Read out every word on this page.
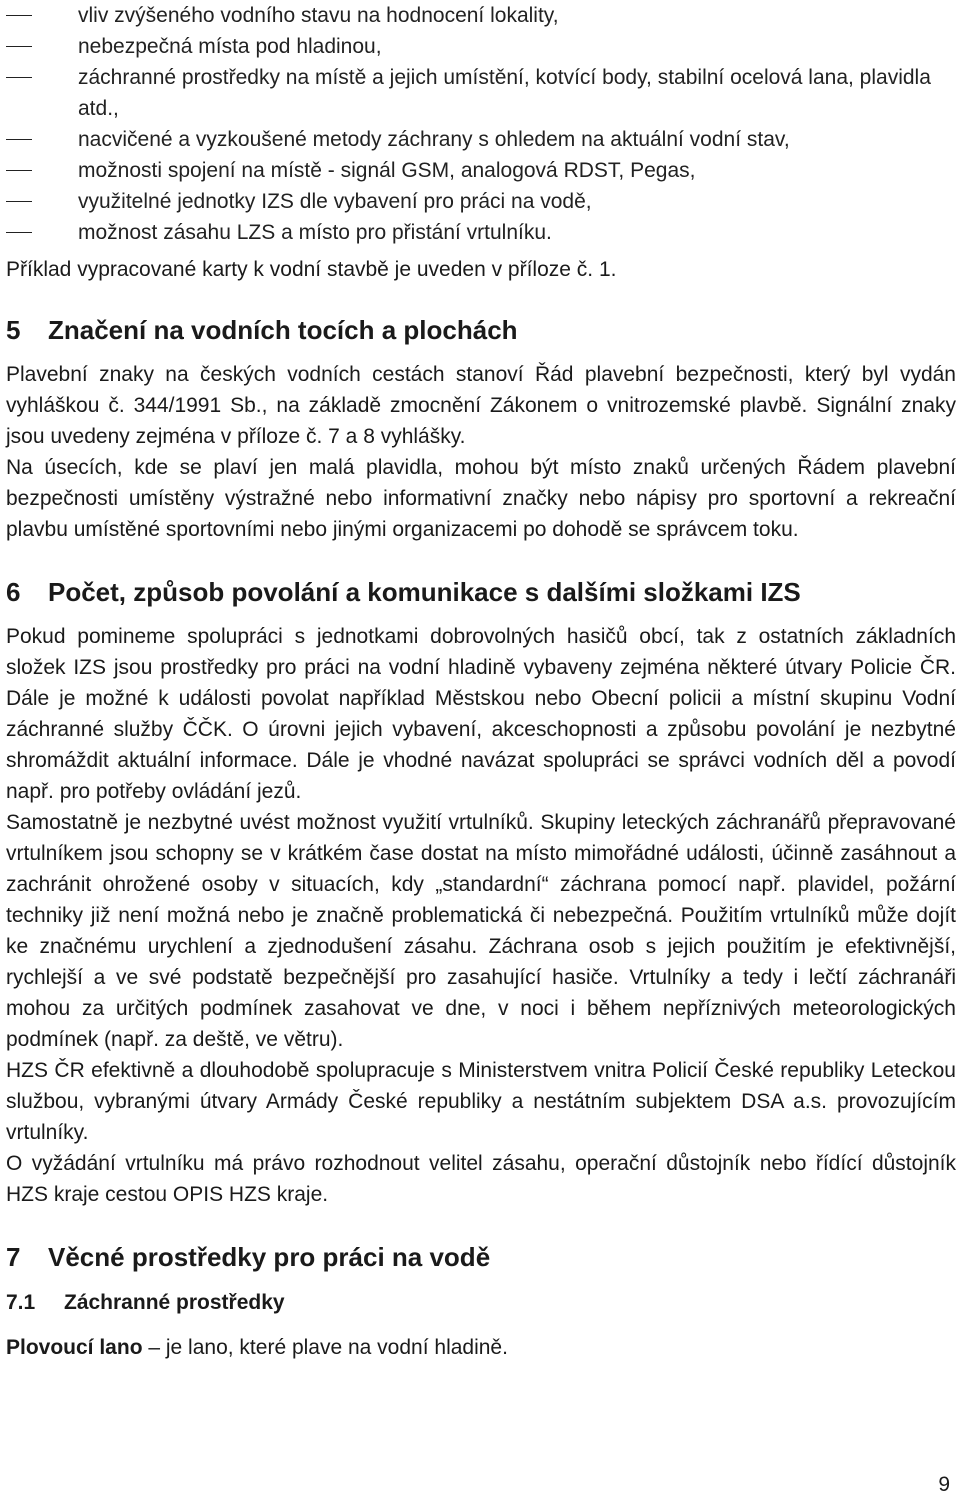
vliv zvýšeného vodního stavu na hodnocení lokality,
nebezpečná místa pod hladinou,
záchranné prostředky na místě a jejich umístění, kotvící body, stabilní ocelová lana, plavidla atd.,
nacvičené a vyzkoušené metody záchrany s ohledem na aktuální vodní stav,
možnosti spojení na místě - signál GSM, analogová RDST, Pegas,
využitelné jednotky IZS dle vybavení pro práci na vodě,
možnost zásahu LZS a místo pro přistání vrtulníku.

Příklad vypracované karty k vodní stavbě je uveden v příloze č. 1.

5	Značení na vodních tocích a plochách

Plavební znaky na českých vodních cestách stanoví Řád plavební bezpečnosti, který byl vydán vyhláškou č. 344/1991 Sb., na základě zmocnění Zákonem o vnitrozemské plavbě. Signální znaky jsou uvedeny zejména v příloze č. 7 a 8 vyhlášky.

Na úsecích, kde se plaví jen malá plavidla, mohou být místo znaků určených Řádem plavební bezpečnosti umístěny výstražné nebo informativní značky nebo nápisy pro sportovní a rekreační plavbu umístěné sportovními nebo jinými organizacemi po dohodě se správcem toku.

6	Počet, způsob povolání a komunikace s dalšími složkami IZS

Pokud pomineme spolupráci s jednotkami dobrovolných hasičů obcí, tak z ostatních základních složek IZS jsou prostředky pro práci na vodní hladině vybaveny zejména některé útvary Policie ČR. Dále je možné k události povolat například Městskou nebo Obecní policii a místní skupinu Vodní záchranné služby ČČK. O úrovni jejich vybavení, akceschopnosti a způsobu povolání je nezbytné shromáždit aktuální informace. Dále je vhodné navázat spolupráci se správci vodních děl a povodí např. pro potřeby ovládání jezů.

Samostatně je nezbytné uvést možnost využití vrtulníků. Skupiny leteckých záchranářů přepravované vrtulníkem jsou schopny se v krátkém čase dostat na místo mimořádné události, účinně zasáhnout a zachránit ohrožené osoby v situacích, kdy „standardní“ záchrana pomocí např. plavidel, požární techniky již není možná nebo je značně problematická či nebezpečná. Použitím vrtulníků může dojít ke značnému urychlení a zjednodušení zásahu. Záchrana osob s jejich použitím je efektivnější, rychlejší a ve své podstatě bezpečnější pro zasahující hasiče. Vrtulníky a tedy i lečtí záchranáři mohou za určitých podmínek zasahovat ve dne, v noci i během nepříznivých meteorologických podmínek (např. za deště, ve větru).

HZS ČR efektivně a dlouhodobě spolupracuje s Ministerstvem vnitra Policií České republiky Leteckou službou, vybranými útvary Armády České republiky a nestátním subjektem DSA a.s. provozujícím vrtulníky.

O vyžádání vrtulníku má právo rozhodnout velitel zásahu, operační důstojník nebo řídící důstojník HZS kraje cestou OPIS HZS kraje.

7	Věcné prostředky pro práci na vodě
7.1	Záchranné prostředky

Plovoucí lano – je lano, které plave na vodní hladině.

9
